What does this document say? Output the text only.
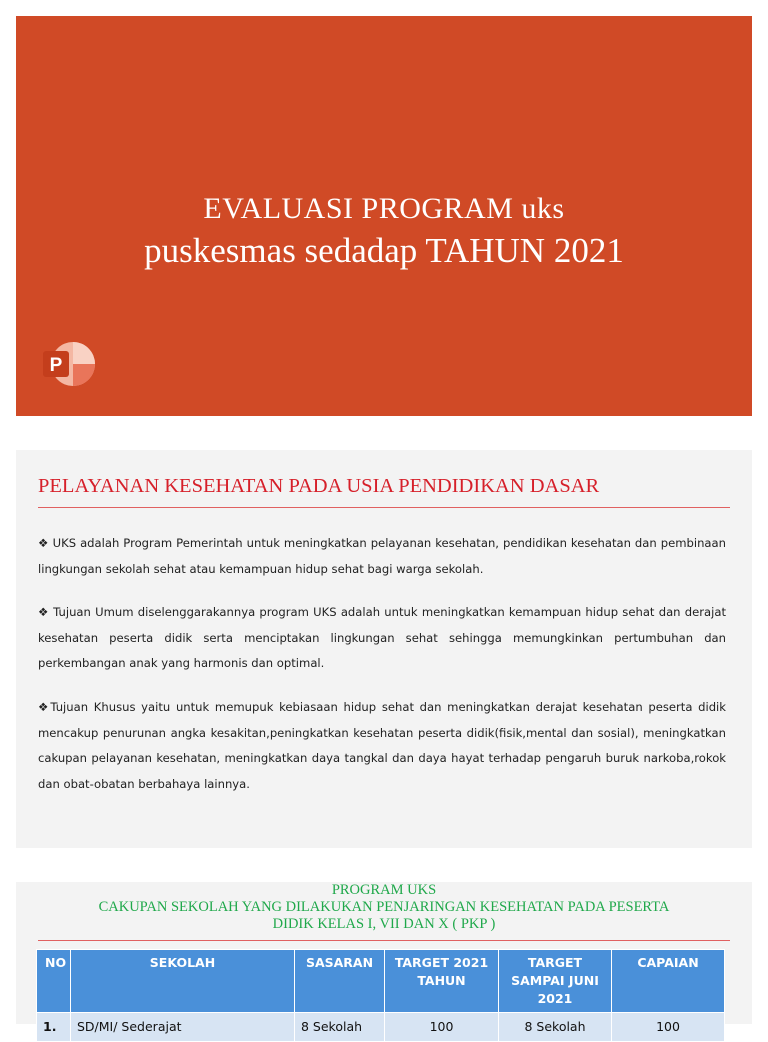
EVALUASI PROGRAM uks
puskesmas sedadap TAHUN 2021
P
PELAYANAN KESEHATAN PADA USIA PENDIDIKAN DASAR
❖ UKS adalah Program Pemerintah untuk meningkatkan pelayanan kesehatan, pendidikan kesehatan dan pembinaan lingkungan sekolah sehat atau kemampuan hidup sehat bagi warga sekolah.
❖ Tujuan Umum diselenggarakannya program UKS adalah untuk meningkatkan kemampuan hidup sehat dan derajat kesehatan peserta didik serta menciptakan lingkungan sehat sehingga memungkinkan pertumbuhan dan perkembangan anak yang harmonis dan optimal.
❖Tujuan Khusus yaitu untuk memupuk kebiasaan hidup sehat dan meningkatkan derajat kesehatan peserta didik mencakup penurunan angka kesakitan,peningkatkan kesehatan peserta didik(fisik,mental dan sosial), meningkatkan cakupan pelayanan kesehatan, meningkatkan daya tangkal dan daya hayat terhadap pengaruh buruk narkoba,rokok dan obat-obatan berbahaya lainnya.
PROGRAM UKS
CAKUPAN SEKOLAH YANG DILAKUKAN PENJARINGAN KESEHATAN PADA PESERTA
DIDIK KELAS I, VII DAN X ( PKP )
NO	SEKOLAH	SASARAN	TARGET 2021 TAHUN	TARGET SAMPAI JUNI 2021	CAPAIAN
1.	SD/MI/ Sederajat	8 Sekolah	100	8 Sekolah	100
